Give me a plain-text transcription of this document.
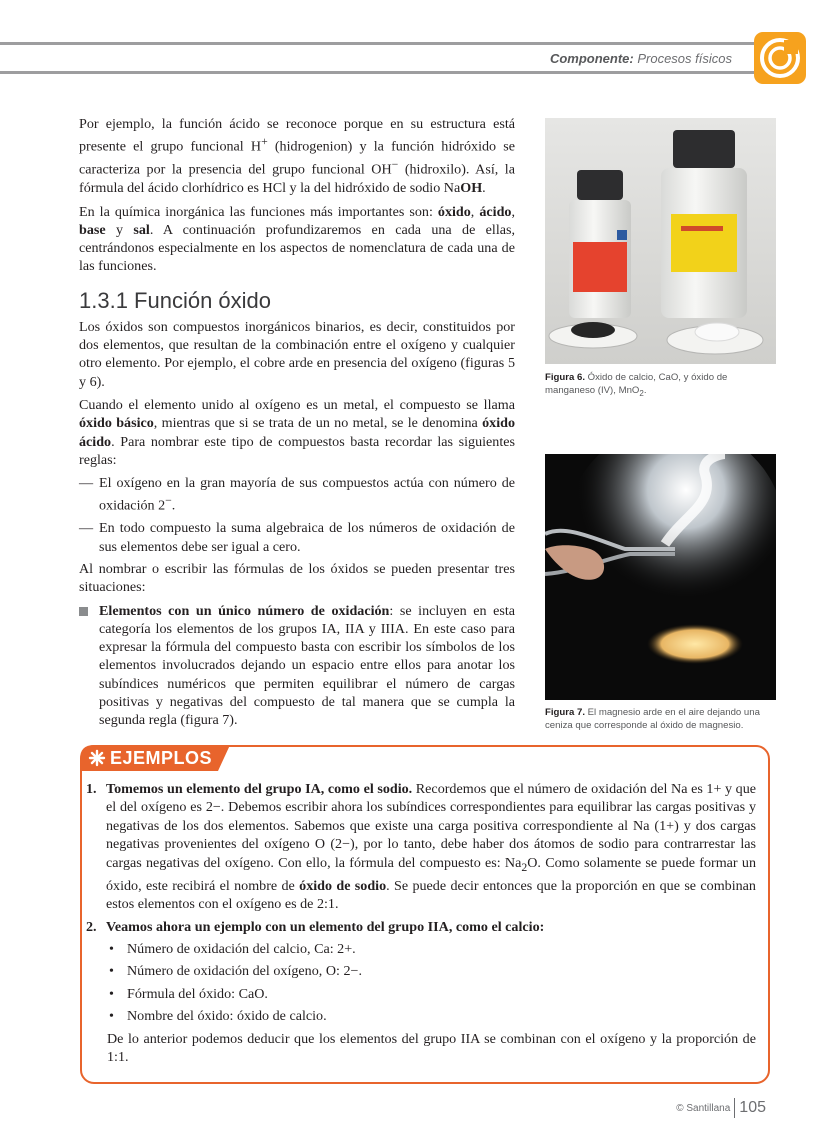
Componente: Procesos físicos

Por ejemplo, la función ácido se reconoce porque en su estructura está presente el grupo funcional H+ (hidrogenion) y la función hidróxido se caracteriza por la presencia del grupo funcional OH− (hidroxilo). Así, la fórmula del ácido clorhídrico es HCl y la del hidróxido de sodio NaOH.

En la química inorgánica las funciones más importantes son: óxido, ácido, base y sal. A continuación profundizaremos en cada una de ellas, centrándonos especialmente en los aspectos de nomenclatura de cada una de las funciones.

1.3.1 Función óxido

Los óxidos son compuestos inorgánicos binarios, es decir, constituidos por dos elementos, que resultan de la combinación entre el oxígeno y cualquier otro elemento. Por ejemplo, el cobre arde en presencia del oxígeno (figuras 5 y 6).

Cuando el elemento unido al oxígeno es un metal, el compuesto se llama óxido básico, mientras que si se trata de un no metal, se le denomina óxido ácido. Para nombrar este tipo de compuestos basta recordar las siguientes reglas:

— El oxígeno en la gran mayoría de sus compuestos actúa con número de oxidación 2−.
— En todo compuesto la suma algebraica de los números de oxidación de sus elementos debe ser igual a cero.

Al nombrar o escribir las fórmulas de los óxidos se pueden presentar tres situaciones:

Elementos con un único número de oxidación: se incluyen en esta categoría los elementos de los grupos IA, IIA y IIIA. En este caso para expresar la fórmula del compuesto basta con escribir los símbolos de los elementos involucrados dejando un espacio entre ellos para anotar los subíndices numéricos que permiten equilibrar el número de cargas positivas y negativas del compuesto de tal manera que se cumpla la segunda regla (figura 7).
Figura 6. Óxido de calcio, CaO, y óxido de manganeso (IV), MnO$_2$.
Figura 7. El magnesio arde en el aire dejando una ceniza que corresponde al óxido de magnesio.
EJEMPLOS
1. Tomemos un elemento del grupo IA, como el sodio. Recordemos que el número de oxidación del Na es 1+ y que el del oxígeno es 2−. Debemos escribir ahora los subíndices correspondientes para equilibrar las cargas positivas y negativas de los dos elementos. Sabemos que existe una carga positiva correspondiente al Na (1+) y dos cargas negativas provenientes del oxígeno O (2−), por lo tanto, debe haber dos átomos de sodio para contrarrestar las cargas negativas del oxígeno. Con ello, la fórmula del compuesto es: $Na_2O$. Como solamente se puede formar un óxido, este recibirá el nombre de óxido de sodio. Se puede decir entonces que la proporción en que se combinan estos elementos con el oxígeno es de 2:1.
2. Veamos ahora un ejemplo con un elemento del grupo IIA, como el calcio:
• Número de oxidación del calcio, Ca: 2+.
• Número de oxidación del oxígeno, O: 2−.
• Fórmula del óxido: CaO.
• Nombre del óxido: óxido de calcio.
De lo anterior podemos deducir que los elementos del grupo IIA se combinan con el oxígeno y la proporción de 1:1.
© Santillana 105
